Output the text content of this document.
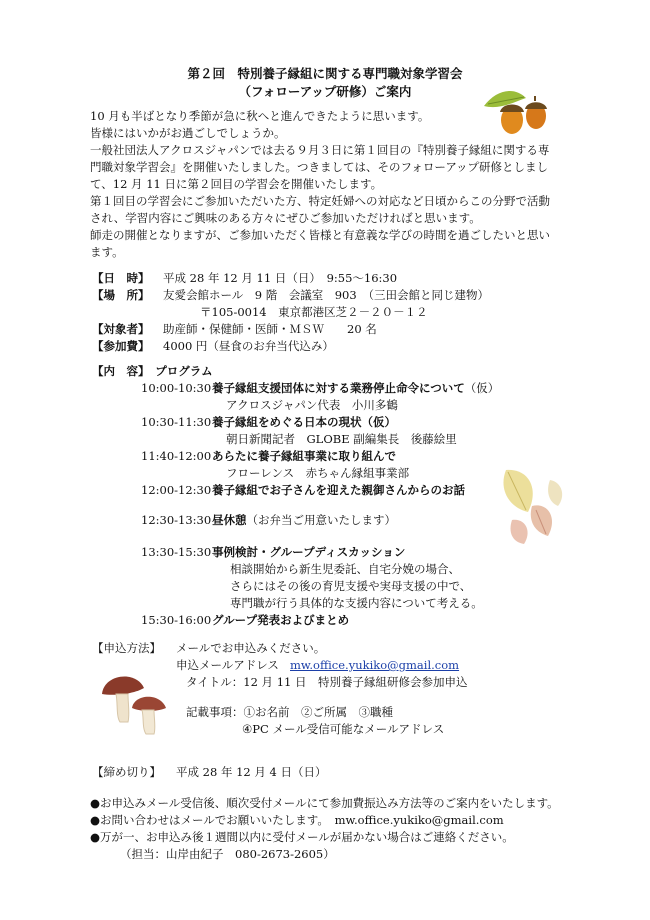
第２回　特別養子縁組に関する専門職対象学習会
（フォローアップ研修）ご案内
10 月も半ばとなり季節が急に秋へと進んできたように思います。
皆様にはいかがお過ごしでしょうか。
一般社団法人アクロスジャパンでは去る９月３日に第１回目の『特別養子縁組に関する専
門職対象学習会』を開催いたしました。つきましては、そのフォローアップ研修としまし
て、12 月 11 日に第２回目の学習会を開催いたします。
第１回目の学習会にご参加いただいた方、特定妊婦への対応など日頃からこの分野で活動
され、学習内容にご興味のある方々にぜひご参加いただければと思います。
師走の開催となりますが、ご参加いただく皆様と有意義な学びの時間を過ごしたいと思い
ます。
【日　時】 平成 28 年 12 月 11 日（日）　9:55～16:30
【場　所】 友愛会館ホール　9 階　会議室　903　（三田会館と同じ建物）
〒105-0014　東京都港区芝２－２０－１２
【対象者】 助産師・保健師・医師・ＭＳＷ　　20 名
【参加費】 4000 円（昼食のお弁当代込み）
【内　容】　プログラム
10:00-10:30 養子縁組支援団体に対する業務停止命令について（仮）
アクロスジャパン代表　小川多鶴
10:30-11:30 養子縁組をめぐる日本の現状（仮）
朝日新聞記者　GLOBE 副編集長　後藤絵里
11:40-12:00 あらたに養子縁組事業に取り組んで
フローレンス　赤ちゃん縁組事業部
12:00-12:30 養子縁組でお子さんを迎えた親御さんからのお話
12:30-13:30 昼休憩（お弁当ご用意いたします）
13:30-15:30 事例検討・グループディスカッション
相談開始から新生児委託、自宅分娩の場合、
さらにはその後の育児支援や実母支援の中で、
専門職が行う具体的な支援内容について考える。
15:30-16:00 グループ発表およびまとめ
【申込方法】 メールでお申込みください。
申込メールアドレス mw.office.yukiko@gmail.com
タイトル：12 月 11 日　特別養子縁組研修会参加申込
記載事項：①お名前　②ご所属　③職種
④PC メール受信可能なメールアドレス
【締め切り】 平成 28 年 12 月 4 日（日）
●お申込みメール受信後、順次受付メールにて参加費振込み方法等のご案内をいたします。
●お問い合わせはメールでお願いいたします。　mw.office.yukiko@gmail.com
●万が一、お申込み後１週間以内に受付メールが届かない場合はご連絡ください。
（担当：山岸由紀子　080-2673-2605）
